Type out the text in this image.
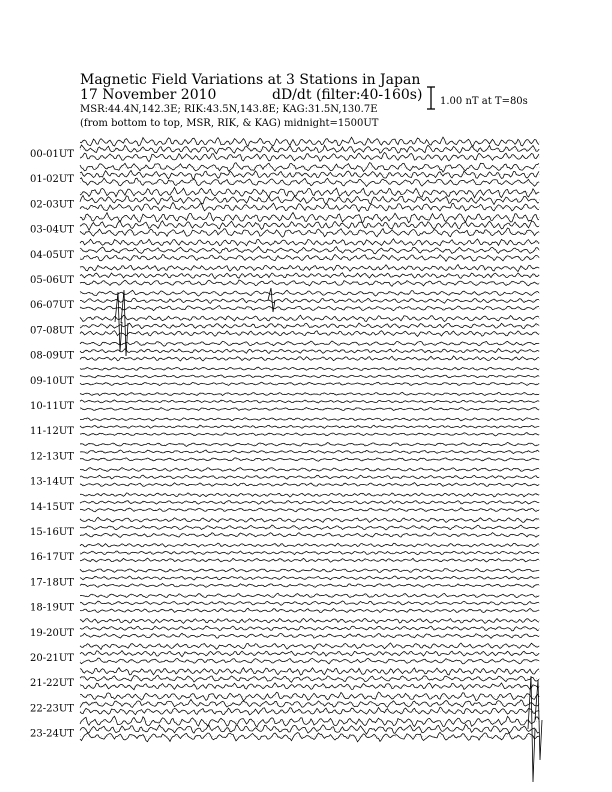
Magnetic Field Variations at 3 Stations in Japan
17 November 2010	dD/dt (filter:40-160s)
MSR:44.4N,142.3E; RIK:43.5N,143.8E; KAG:31.5N,130.7E
(from bottom to top, MSR, RIK, & KAG) midnight=1500UT
1.00 nT at T=80s
00-01UT
01-02UT
02-03UT
03-04UT
04-05UT
05-06UT
06-07UT
07-08UT
08-09UT
09-10UT
10-11UT
11-12UT
12-13UT
13-14UT
14-15UT
15-16UT
16-17UT
17-18UT
18-19UT
19-20UT
20-21UT
21-22UT
22-23UT
23-24UT
